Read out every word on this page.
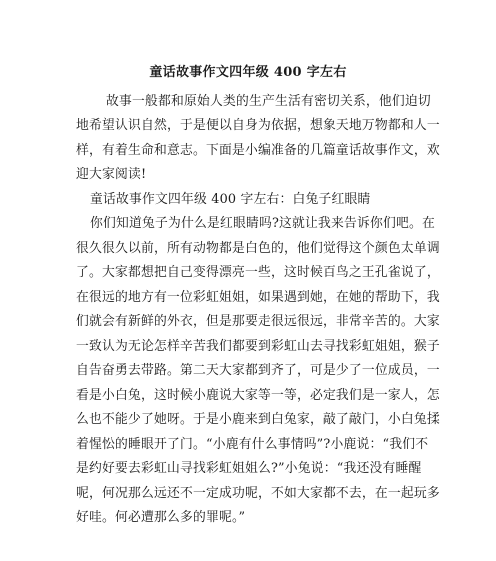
童话故事作文四年级 400 字左右
故事一般都和原始人类的生产生活有密切关系，他们迫切
地希望认识自然，于是便以自身为依据，想象天地万物都和人一
样，有着生命和意志。下面是小编准备的几篇童话故事作文，欢
迎大家阅读!
童话故事作文四年级 400 字左右：白兔子红眼睛
你们知道兔子为什么是红眼睛吗?这就让我来告诉你们吧。在
很久很久以前，所有动物都是白色的，他们觉得这个颜色太单调
了。大家都想把自己变得漂亮一些，这时候百鸟之王孔雀说了，
在很远的地方有一位彩虹姐姐，如果遇到她，在她的帮助下，我
们就会有新鲜的外衣，但是那要走很远很远，非常辛苦的。大家
一致认为无论怎样辛苦我们都要到彩虹山去寻找彩虹姐姐，猴子
自告奋勇去带路。第二天大家都到齐了，可是少了一位成员，一
看是小白兔，这时候小鹿说大家等一等，必定我们是一家人，怎
么也不能少了她呀。于是小鹿来到白兔家，敲了敲门，小白兔揉
着惺忪的睡眼开了门。“小鹿有什么事情吗”?小鹿说：“我们不
是约好要去彩虹山寻找彩虹姐姐么?”小兔说：“我还没有睡醒
呢，何况那么远还不一定成功呢，不如大家都不去，在一起玩多
好哇。何必遭那么多的罪呢。”
